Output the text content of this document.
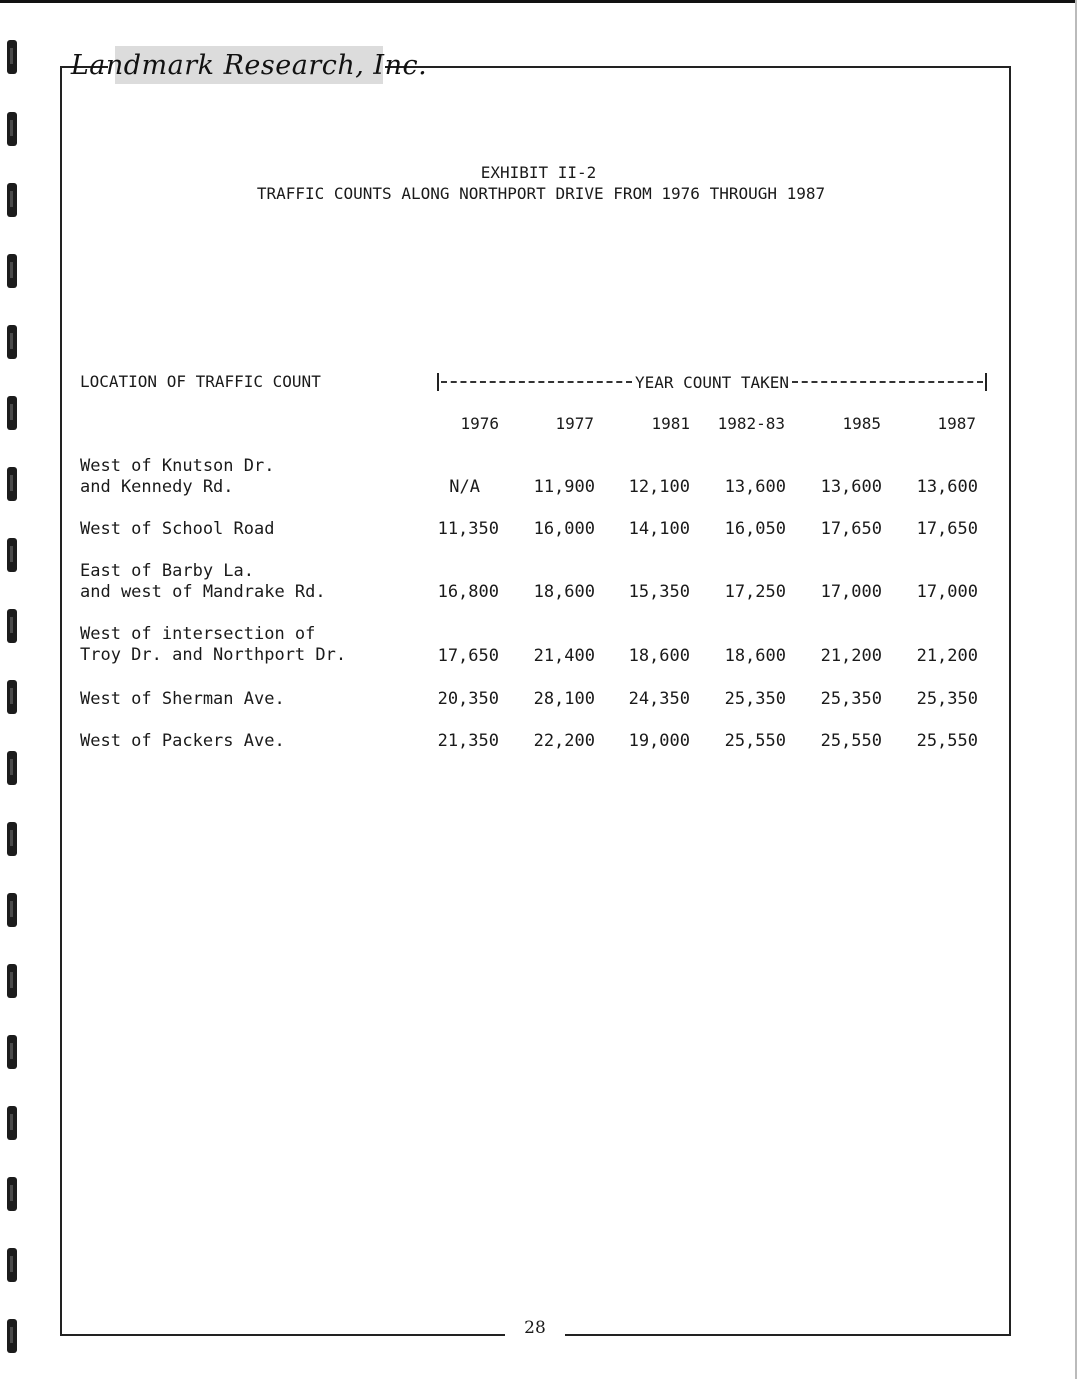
Landmark Research, Inc.
EXHIBIT II-2
TRAFFIC COUNTS ALONG NORTHPORT DRIVE FROM 1976 THROUGH 1987
LOCATION OF TRAFFIC COUNT	YEAR COUNT TAKEN
1976	1977	1981 1982-83	1985	1987
West of Knutson Dr.
and Kennedy Rd.	N/A	11,900 12,100 13,600 13,600 13,600
West of School Road	11,350 16,000 14,100 16,050 17,650 17,650
East of Barby La.
and west of Mandrake Rd.	16,800 18,600 15,350 17,250 17,000 17,000
West of intersection of
Troy Dr. and Northport Dr.	17,650 21,400 18,600 18,600 21,200 21,200
West of Sherman Ave.	20,350 28,100 24,350 25,350 25,350 25,350
West of Packers Ave.	21,350 22,200 19,000 25,550 25,550 25,550
28
